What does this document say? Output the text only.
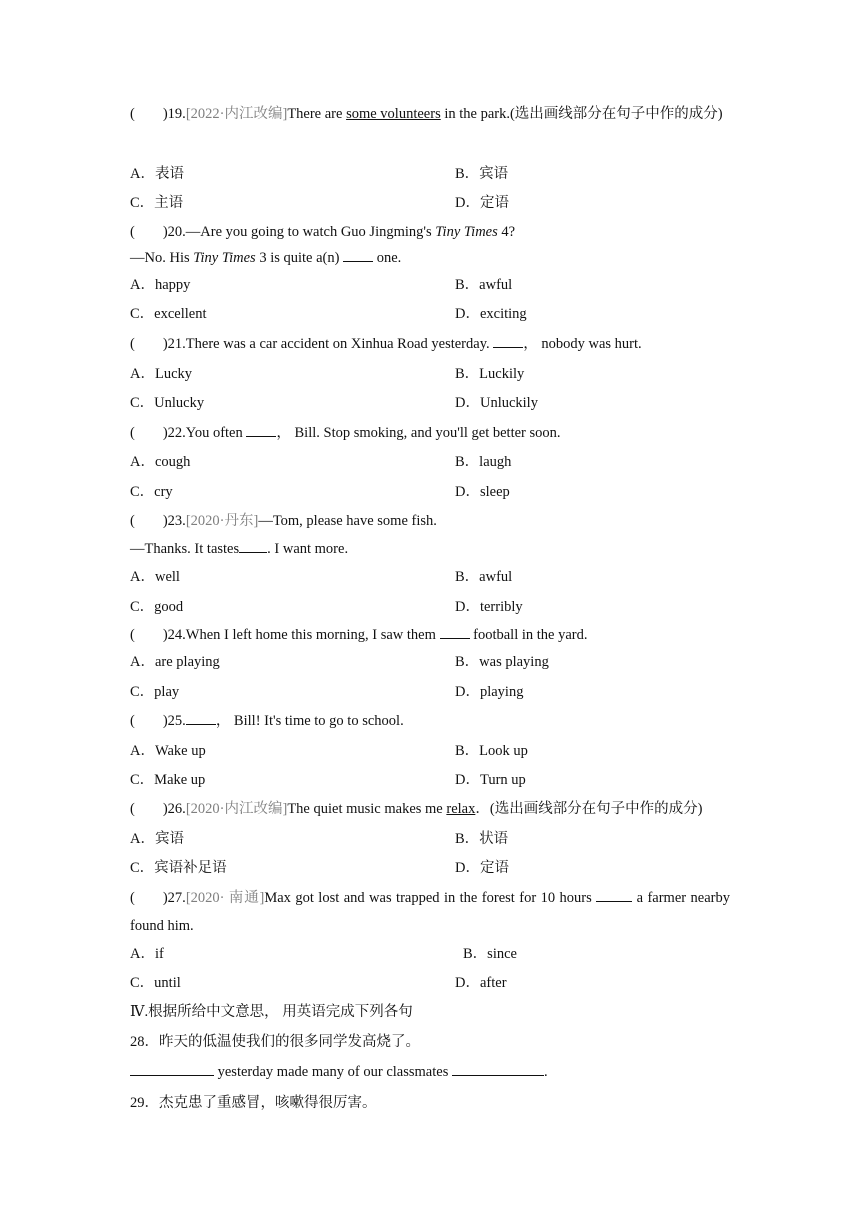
( )19.[2022·内江改编]There are some volunteers in the park.(选出画线部分在句子中作的成分)
A．表语	B．宾语
C．主语	D．定语
( )20.—Are you going to watch Guo Jingming's Tiny Times 4?
—No. His Tiny Times 3 is quite a(n)  one.
A．happy	B．awful
C．excellent	D．exciting
( )21.There was a car accident on Xinhua Road yesterday. ， nobody was hurt.
A．Lucky	B．Luckily
C．Unlucky	D．Unluckily
( )22.You often ， Bill. Stop smoking, and you'll get better soon.
A．cough	B．laugh
C．cry	D．sleep
( )23.[2020·丹东]—Tom, please have some fish.
—Thanks. It tastes . I want more.
A．well	B．awful
C．good	D．terribly
( )24.When I left home this morning, I saw them  football in the yard.
A．are playing	B．was playing
C．play	D．playing
( )25. ， Bill! It's time to go to school.
A．Wake up	B．Look up
C．Make up	D．Turn up
( )26.[2020·内江改编]The quiet music makes me relax．(选出画线部分在句子中作的成分)
A．宾语	B．状语
C．宾语补足语	D．定语
( )27.[2020· 南通]Max got lost and was trapped in the forest for 10 hours  a farmer nearby found him.
A．if	B．since
C．until	D．after
Ⅳ.根据所给中文意思， 用英语完成下列各句
28．昨天的低温使我们的很多同学发高烧了。
yesterday made many of our classmates	.
29．杰克患了重感冒，咳嗽得很厉害。
